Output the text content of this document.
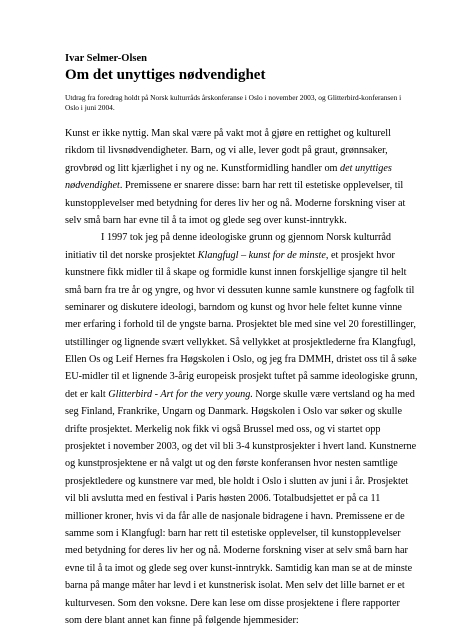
Ivar Selmer-Olsen
Om det unyttiges nødvendighet
Utdrag fra foredrag holdt på Norsk kulturråds årskonferanse i Oslo i november 2003, og Glitterbird-konferansen i
Oslo i juni 2004.
Kunst er ikke nyttig. Man skal være på vakt mot å gjøre en rettighet og kulturell
rikdom til livsnødvendigheter. Barn, og vi alle, lever godt på graut, grønnsaker,
grovbrød og litt kjærlighet i ny og ne. Kunstformidling handler om det unyttiges
nødvendighet. Premissene er snarere disse: barn har rett til estetiske opplevelser, til
kunstopplevelser med betydning for deres liv her og nå. Moderne forskning viser at
selv små barn har evne til å ta imot og glede seg over kunst-inntrykk.
I 1997 tok jeg på denne ideologiske grunn og gjennom Norsk kulturråd
initiativ til det norske prosjektet Klangfugl – kunst for de minste, et prosjekt hvor
kunstnere fikk midler til å skape og formidle kunst innen forskjellige sjangre til helt
små barn fra tre år og yngre, og hvor vi dessuten kunne samle kunstnere og fagfolk til
seminarer og diskutere ideologi, barndom og kunst og hvor hele feltet kunne vinne
mer erfaring i forhold til de yngste barna. Prosjektet ble med sine vel 20 forestillinger,
utstillinger og lignende svært vellykket. Så vellykket at prosjektlederne fra Klangfugl,
Ellen Os og Leif Hernes fra Høgskolen i Oslo, og jeg fra DMMH, dristet oss til å søke
EU-midler til et lignende 3-årig europeisk prosjekt tuftet på samme ideologiske grunn,
det er kalt Glitterbird - Art for the very young. Norge skulle være vertsland og ha med
seg Finland, Frankrike, Ungarn og Danmark. Høgskolen i Oslo var søker og skulle
drifte prosjektet. Merkelig nok fikk vi også Brussel med oss, og vi startet opp
prosjektet i november 2003, og det vil bli 3-4 kunstprosjekter i hvert land. Kunstnerne
og kunstprosjektene er nå valgt ut og den første konferansen hvor nesten samtlige
prosjektledere og kunstnere var med, ble holdt i Oslo i slutten av juni i år. Prosjektet
vil bli avsluttа med en festival i Paris høsten 2006. Totalbudsjettet er på ca 11
millioner kroner, hvis vi da får alle de nasjonale bidragene i havn. Premissene er de
samme som i Klangfugl: barn har rett til estetiske opplevelser, til kunstopplevelser
med betydning for deres liv her og nå. Moderne forskning viser at selv små barn har
evne til å ta imot og glede seg over kunst-inntrykk. Samtidig kan man se at de minste
barna på mange måter har levd i et kunstnerisk isolat. Men selv det lille barnet er et
kulturvesen. Som den voksne. Dere kan lese om disse prosjektene i flere rapporter
som dere blant annet kan finne på følgende hjemmesider:
